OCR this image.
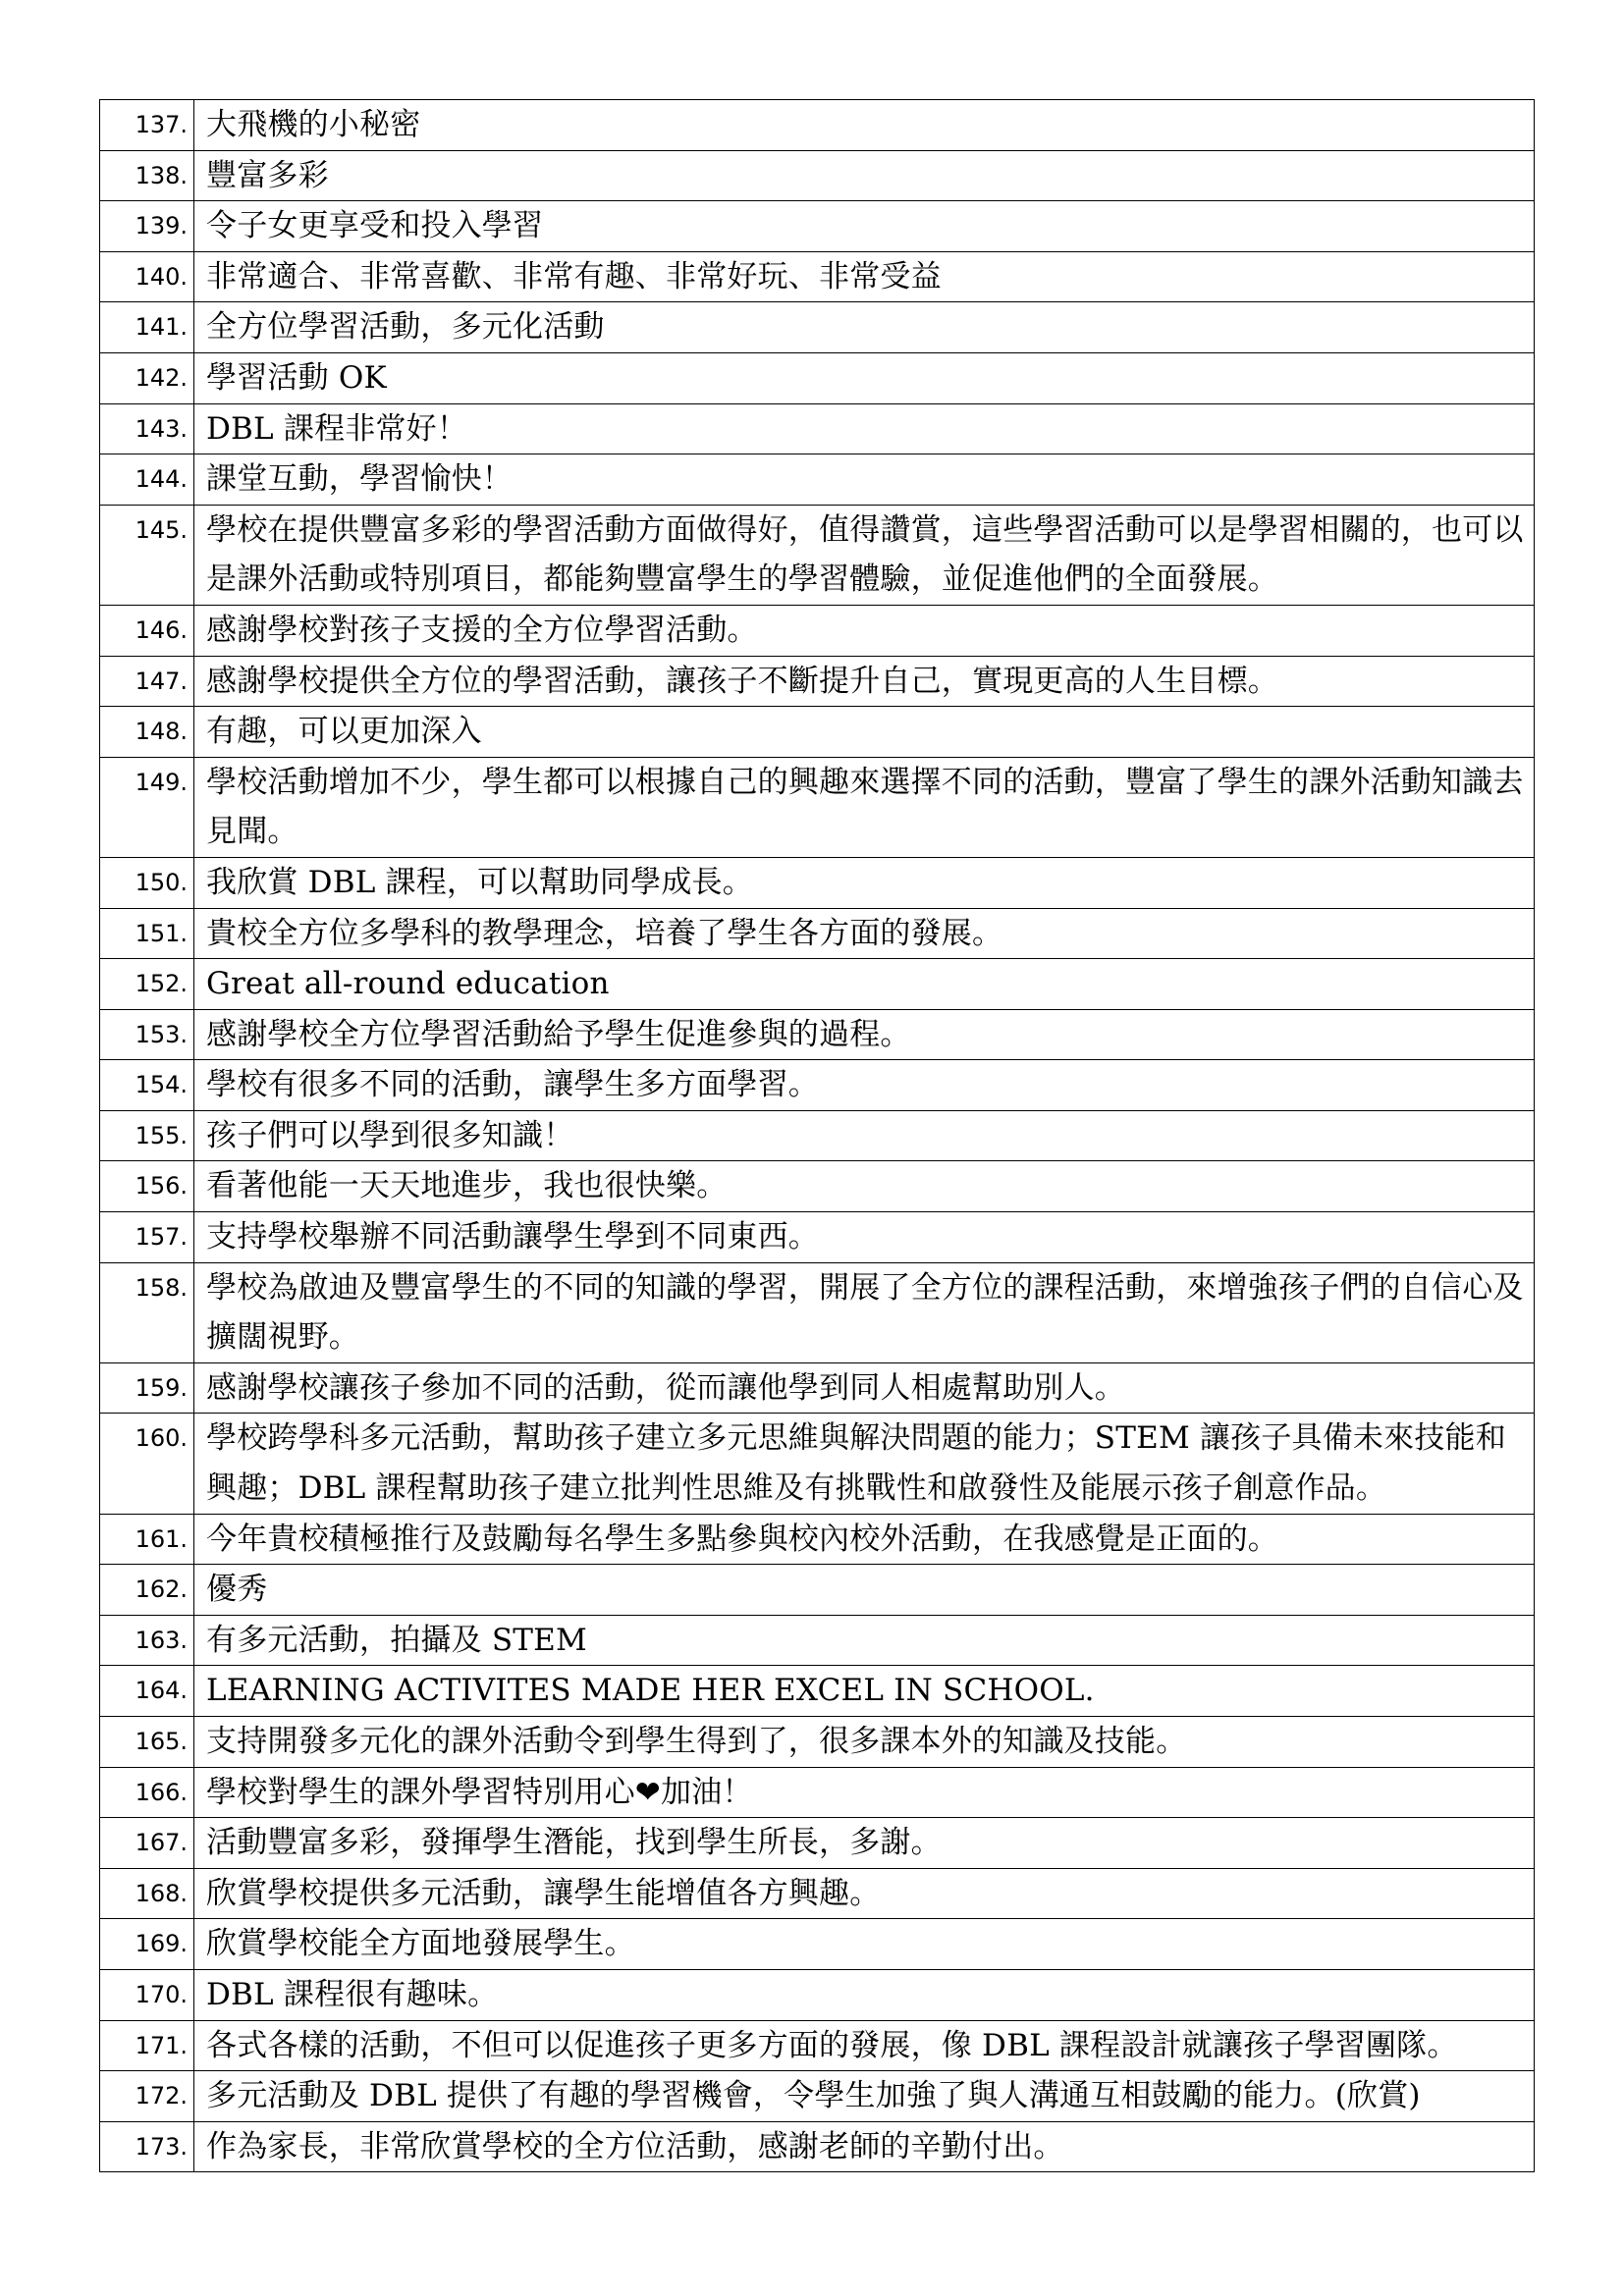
137.	大飛機的小秘密
138.	豐富多彩
139.	令子女更享受和投入學習
140.	非常適合、非常喜歡、非常有趣、非常好玩、非常受益
141.	全方位學習活動，多元化活動
142.	學習活動 OK
143.	DBL 課程非常好！
144.	課堂互動，學習愉快！
145.	學校在提供豐富多彩的學習活動方面做得好，值得讚賞，這些學習活動可以是學習相關的，也可以是課外活動或特別項目，都能夠豐富學生的學習體驗，並促進他們的全面發展。
146.	感謝學校對孩子支援的全方位學習活動。
147.	感謝學校提供全方位的學習活動，讓孩子不斷提升自己，實現更高的人生目標。
148.	有趣，可以更加深入
149.	學校活動增加不少，學生都可以根據自己的興趣來選擇不同的活動，豐富了學生的課外活動知識去見聞。
150.	我欣賞 DBL 課程，可以幫助同學成長。
151.	貴校全方位多學科的教學理念，培養了學生各方面的發展。
152.	Great all-round education
153.	感謝學校全方位學習活動給予學生促進參與的過程。
154.	學校有很多不同的活動，讓學生多方面學習。
155.	孩子們可以學到很多知識！
156.	看著他能一天天地進步，我也很快樂。
157.	支持學校舉辦不同活動讓學生學到不同東西。
158.	學校為啟迪及豐富學生的不同的知識的學習，開展了全方位的課程活動，來增強孩子們的自信心及擴闊視野。
159.	感謝學校讓孩子參加不同的活動，從而讓他學到同人相處幫助別人。
160.	學校跨學科多元活動，幫助孩子建立多元思維與解決問題的能力；STEM 讓孩子具備未來技能和興趣；DBL 課程幫助孩子建立批判性思維及有挑戰性和啟發性及能展示孩子創意作品。
161.	今年貴校積極推行及鼓勵每名學生多點參與校內校外活動，在我感覺是正面的。
162.	優秀
163.	有多元活動，拍攝及 STEM
164.	LEARNING ACTIVITES MADE HER EXCEL IN SCHOOL.
165.	支持開發多元化的課外活動令到學生得到了，很多課本外的知識及技能。
166.	學校對學生的課外學習特別用心❤加油！
167.	活動豐富多彩，發揮學生潛能，找到學生所長，多謝。
168.	欣賞學校提供多元活動，讓學生能增值各方興趣。
169.	欣賞學校能全方面地發展學生。
170.	DBL 課程很有趣味。
171.	各式各樣的活動，不但可以促進孩子更多方面的發展，像 DBL 課程設計就讓孩子學習團隊。
172.	多元活動及 DBL 提供了有趣的學習機會，令學生加強了與人溝通互相鼓勵的能力。(欣賞)
173.	作為家長，非常欣賞學校的全方位活動，感謝老師的辛勤付出。
